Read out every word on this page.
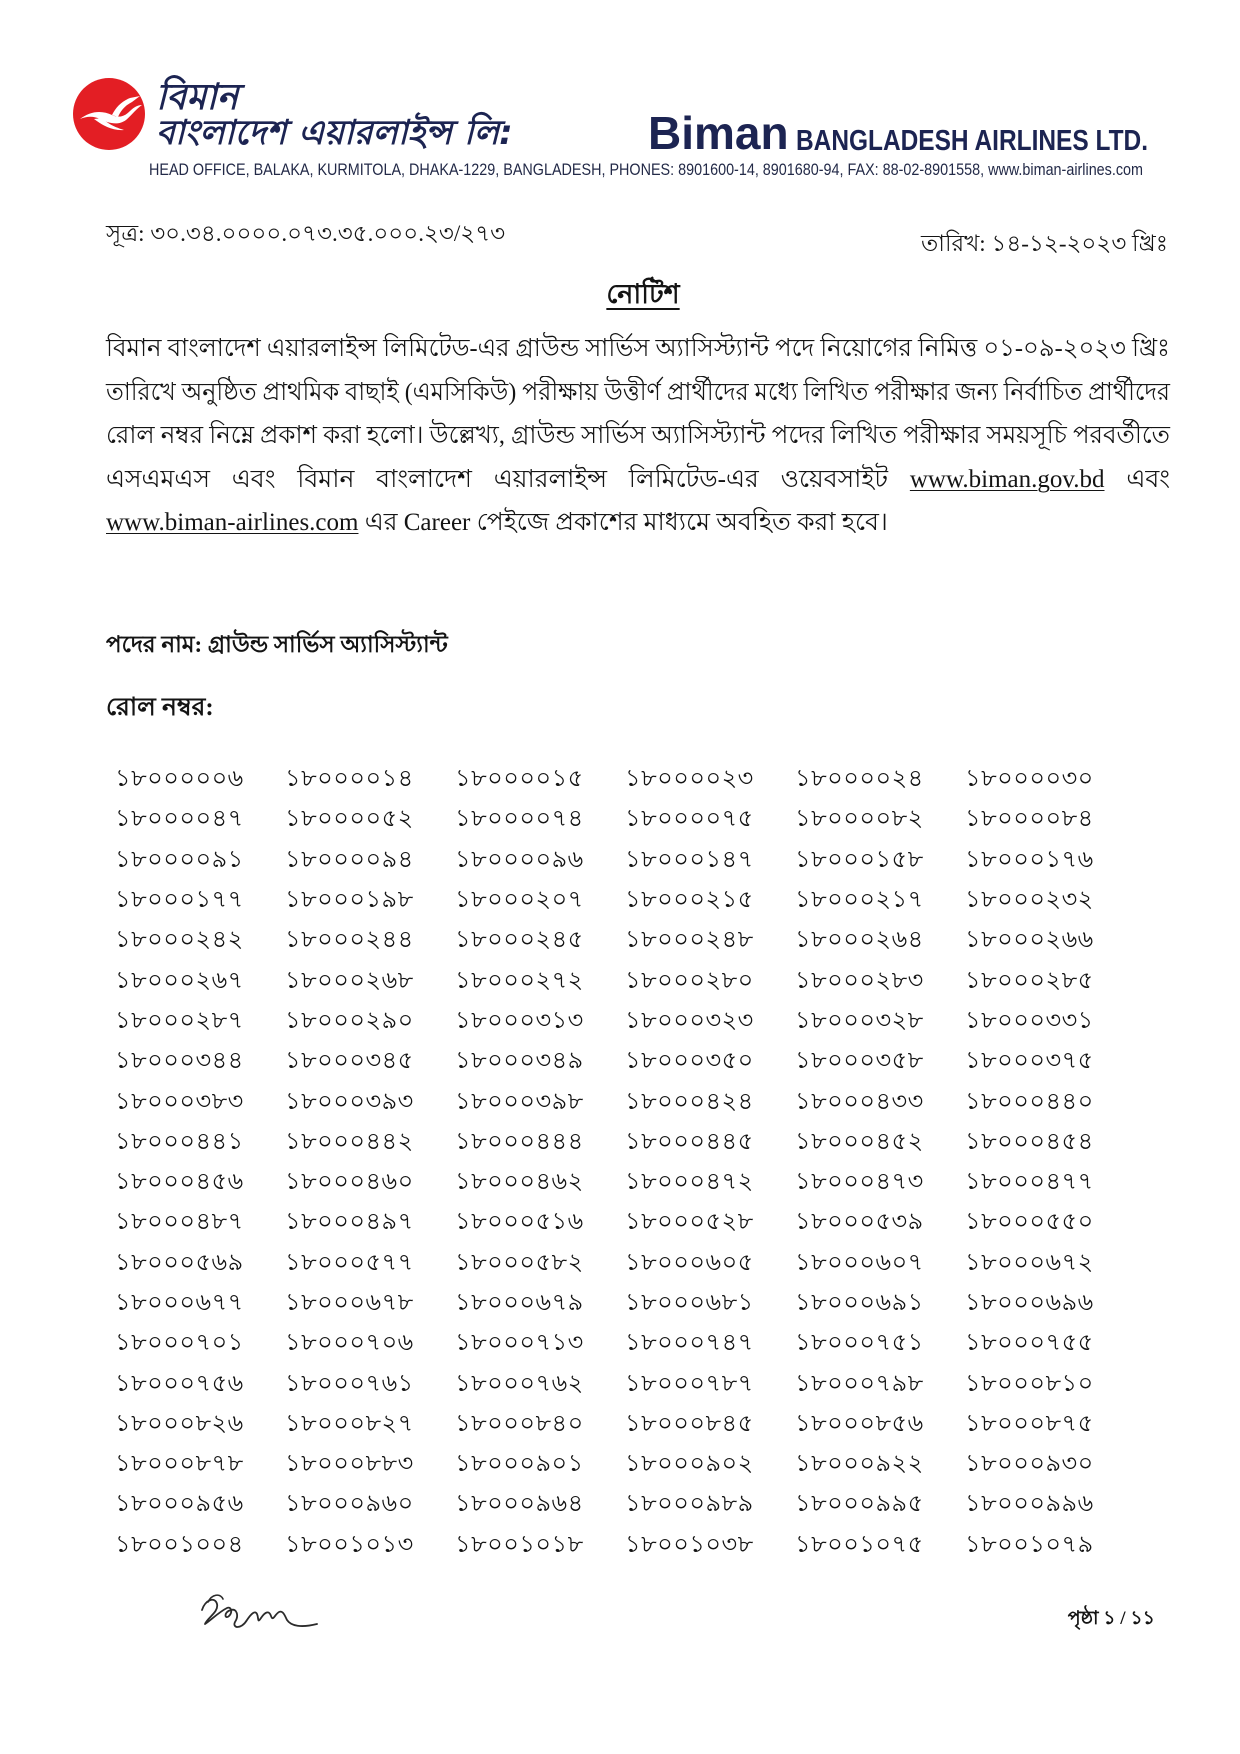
বিমান
বাংলাদেশ এয়ারলাইন্স লি:	Biman BANGLADESH AIRLINES LTD.
HEAD OFFICE, BALAKA, KURMITOLA, DHAKA-1229, BANGLADESH, PHONES: 8901600-14, 8901680-94, FAX: 88-02-8901558, www.biman-airlines.com
সূত্র: ৩০.৩৪.০০০০.০৭৩.৩৫.০০০.২৩/২৭৩	তারিখ: ১৪-১২-২০২৩ খ্রিঃ
নোটিশ
বিমান বাংলাদেশ এয়ারলাইন্স লিমিটেড-এর গ্রাউন্ড সার্ভিস অ্যাসিস্ট্যান্ট পদে নিয়োগের নিমিত্ত ০১-০৯-২০২৩ খ্রিঃ
তারিখে অনুষ্ঠিত প্রাথমিক বাছাই (এমসিকিউ) পরীক্ষায় উত্তীর্ণ প্রার্থীদের মধ্যে লিখিত পরীক্ষার জন্য নির্বাচিত প্রার্থীদের
রোল নম্বর নিম্নে প্রকাশ করা হলো। উল্লেখ্য, গ্রাউন্ড সার্ভিস অ্যাসিস্ট্যান্ট পদের লিখিত পরীক্ষার সময়সূচি পরবর্তীতে
এসএমএস এবং বিমান বাংলাদেশ এয়ারলাইন্স লিমিটেড-এর ওয়েবসাইট www.biman.gov.bd এবং
www.biman-airlines.com এর Career পেইজে প্রকাশের মাধ্যমে অবহিত করা হবে।
পদের নাম: গ্রাউন্ড সার্ভিস অ্যাসিস্ট্যান্ট
রোল নম্বর:
১৮০০০০০৬	১৮০০০০১৪	১৮০০০০১৫	১৮০০০০২৩	১৮০০০০২৪	১৮০০০০৩০
১৮০০০০৪৭	১৮০০০০৫২	১৮০০০০৭৪	১৮০০০০৭৫	১৮০০০০৮২	১৮০০০০৮৪
১৮০০০০৯১	১৮০০০০৯৪	১৮০০০০৯৬	১৮০০০১৪৭	১৮০০০১৫৮	১৮০০০১৭৬
১৮০০০১৭৭	১৮০০০১৯৮	১৮০০০২০৭	১৮০০০২১৫	১৮০০০২১৭	১৮০০০২৩২
১৮০০০২৪২	১৮০০০২৪৪	১৮০০০২৪৫	১৮০০০২৪৮	১৮০০০২৬৪	১৮০০০২৬৬
১৮০০০২৬৭	১৮০০০২৬৮	১৮০০০২৭২	১৮০০০২৮০	১৮০০০২৮৩	১৮০০০২৮৫
১৮০০০২৮৭	১৮০০০২৯০	১৮০০০৩১৩	১৮০০০৩২৩	১৮০০০৩২৮	১৮০০০৩৩১
১৮০০০৩৪৪	১৮০০০৩৪৫	১৮০০০৩৪৯	১৮০০০৩৫০	১৮০০০৩৫৮	১৮০০০৩৭৫
১৮০০০৩৮৩	১৮০০০৩৯৩	১৮০০০৩৯৮	১৮০০০৪২৪	১৮০০০৪৩৩	১৮০০০৪৪০
১৮০০০৪৪১	১৮০০০৪৪২	১৮০০০৪৪৪	১৮০০০৪৪৫	১৮০০০৪৫২	১৮০০০৪৫৪
১৮০০০৪৫৬	১৮০০০৪৬০	১৮০০০৪৬২	১৮০০০৪৭২	১৮০০০৪৭৩	১৮০০০৪৭৭
১৮০০০৪৮৭	১৮০০০৪৯৭	১৮০০০৫১৬	১৮০০০৫২৮	১৮০০০৫৩৯	১৮০০০৫৫০
১৮০০০৫৬৯	১৮০০০৫৭৭	১৮০০০৫৮২	১৮০০০৬০৫	১৮০০০৬০৭	১৮০০০৬৭২
১৮০০০৬৭৭	১৮০০০৬৭৮	১৮০০০৬৭৯	১৮০০০৬৮১	১৮০০০৬৯১	১৮০০০৬৯৬
১৮০০০৭০১	১৮০০০৭০৬	১৮০০০৭১৩	১৮০০০৭৪৭	১৮০০০৭৫১	১৮০০০৭৫৫
১৮০০০৭৫৬	১৮০০০৭৬১	১৮০০০৭৬২	১৮০০০৭৮৭	১৮০০০৭৯৮	১৮০০০৮১০
১৮০০০৮২৬	১৮০০০৮২৭	১৮০০০৮৪০	১৮০০০৮৪৫	১৮০০০৮৫৬	১৮০০০৮৭৫
১৮০০০৮৭৮	১৮০০০৮৮৩	১৮০০০৯০১	১৮০০০৯০২	১৮০০০৯২২	১৮০০০৯৩০
১৮০০০৯৫৬	১৮০০০৯৬০	১৮০০০৯৬৪	১৮০০০৯৮৯	১৮০০০৯৯৫	১৮০০০৯৯৬
১৮০০১০০৪	১৮০০১০১৩	১৮০০১০১৮	১৮০০১০৩৮	১৮০০১০৭৫	১৮০০১০৭৯
পৃষ্ঠা ১ / ১১
